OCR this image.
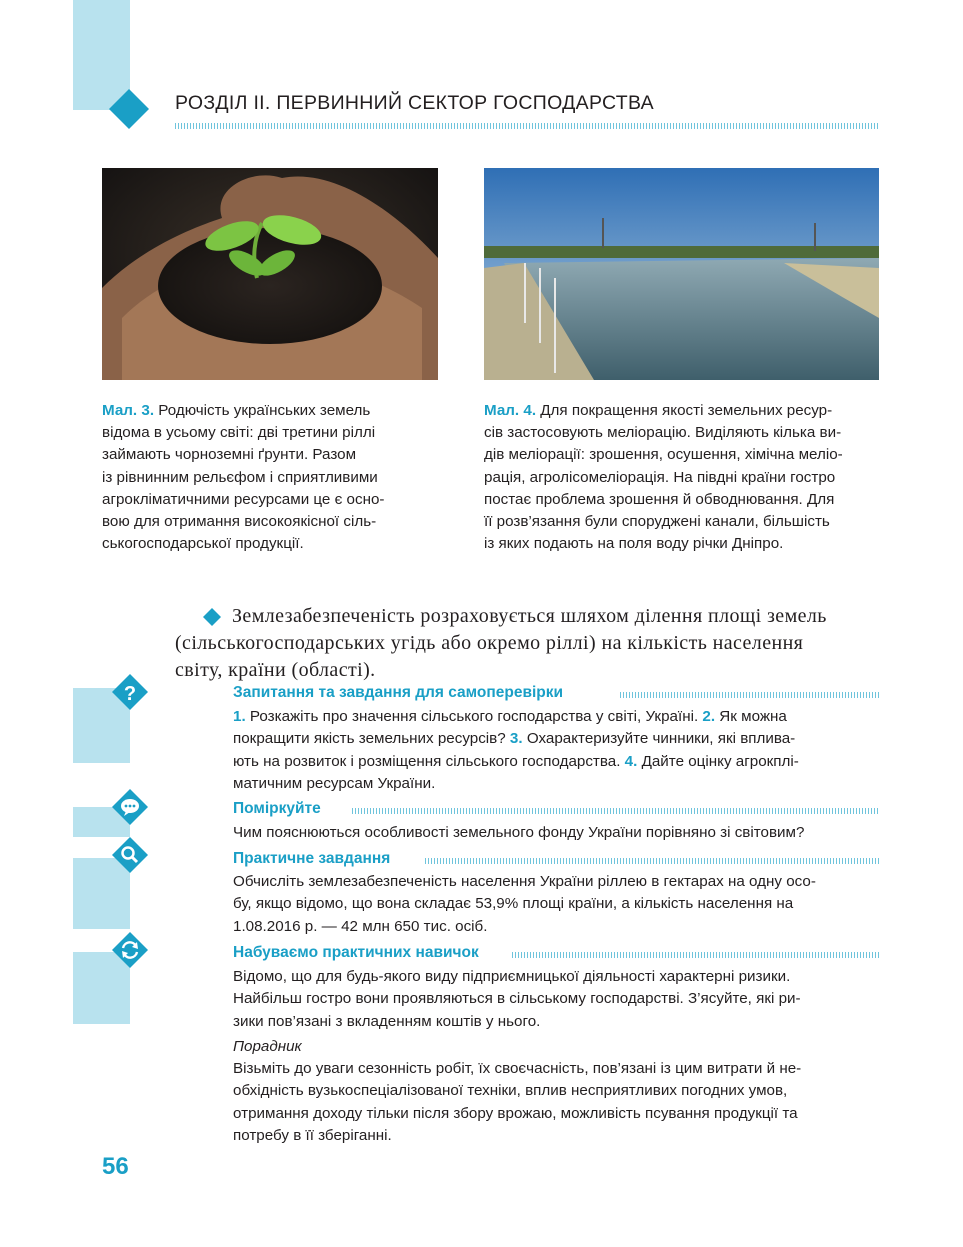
РОЗДІЛ ІІ. ПЕРВИННИЙ СЕКТОР ГОСПОДАРСТВА
Мал. 3. Родючість українських земель
відома в усьому світі: дві третини ріллі
займають чорноземні ґрунти. Разом
із рівнинним рельєфом і сприятливими
агрокліматичними ресурсами це є осно-
вою для отримання високоякісної сіль-
ськогосподарської продукції.
Мал. 4. Для покращення якості земельних ресур-
сів застосовують меліорацію. Виділяють кілька ви-
дів меліорації: зрошення, осушення, хімічна меліо-
рація, агролісомеліорація. На півдні країни гостро
постає проблема зрошення й обводнювання. Для
її розв’язання були споруджені канали, більшість
із яких подають на поля воду річки Дніпро.
Землезабезпеченість розраховується шляхом ділення площі земель
(сільськогосподарських угідь або окремо ріллі) на кількість населення
світу, країни (області).
?	Запитання та завдання для самоперевірки
1. Розкажіть про значення сільського господарства у світі, Україні. 2. Як можна
покращити якість земельних ресурсів? 3. Охарактеризуйте чинники, які вплива-
ють на розвиток і розміщення сільського господарства. 4. Дайте оцінку агрокплі-
матичним ресурсам України.
Поміркуйте
Чим пояснюються особливості земельного фонду України порівняно зі світовим?
Практичне завдання
Обчисліть землезабезпеченість населення України ріллею в гектарах на одну осо-
бу, якщо відомо, що вона складає 53,9% площі країни, а кількість населення на
1.08.2016 р. — 42 млн 650 тис. осіб.
Набуваємо практичних навичок
Відомо, що для будь-якого виду підприємницької діяльності характерні ризики.
Найбільш гостро вони проявляються в сільському господарстві. З’ясуйте, які ри-
зики пов’язані з вкладенням коштів у нього.
Порадник
Візьміть до уваги сезонність робіт, їх своєчасність, пов’язані із цим витрати й не-
обхідність вузькоспеціалізованої техніки, вплив несприятливих погодних умов,
отримання доходу тільки після збору врожаю, можливість псування продукції та
потребу в її зберіганні.
56
